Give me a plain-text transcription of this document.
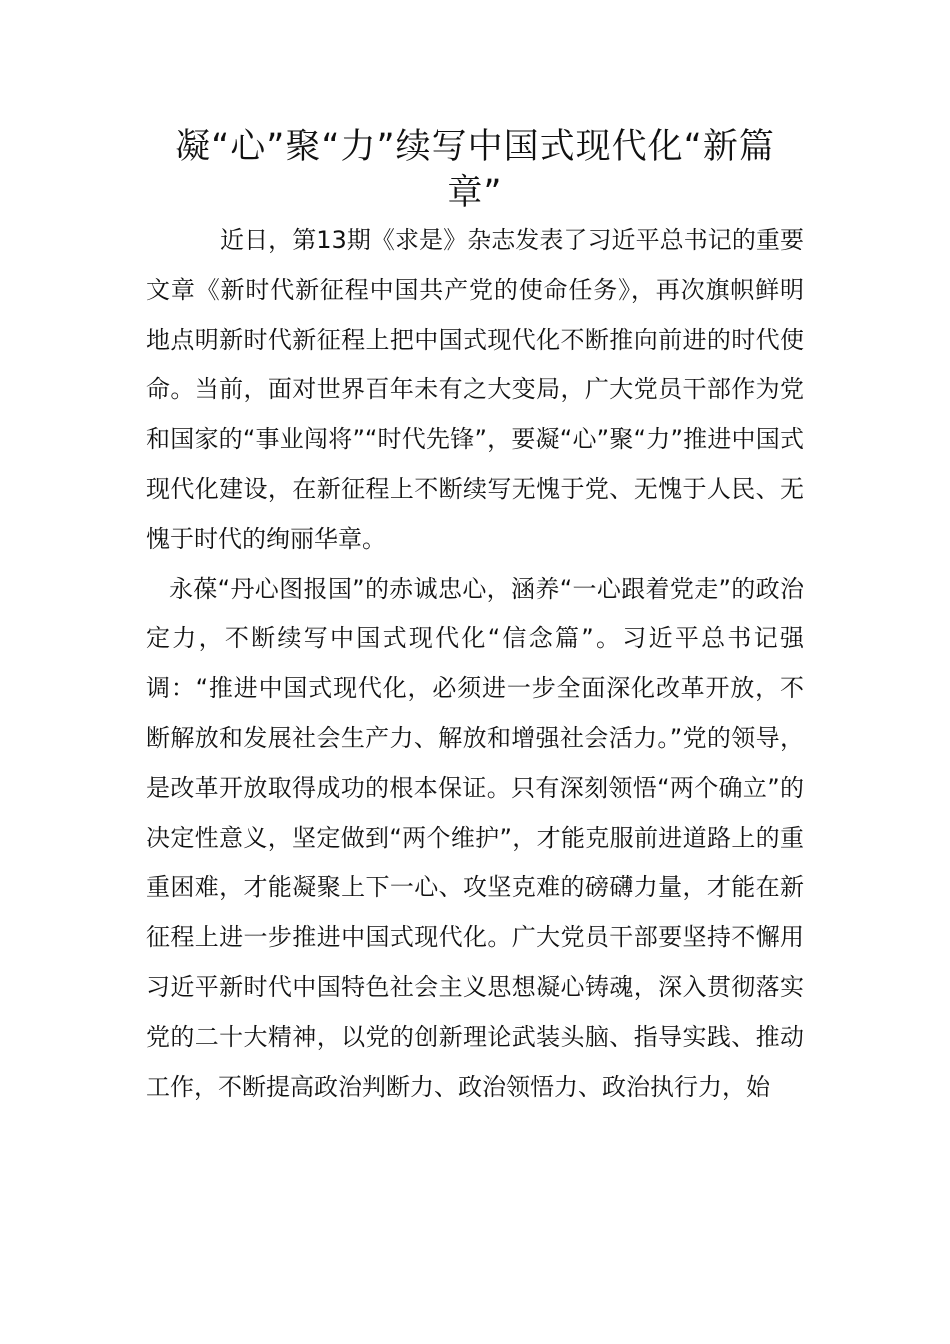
凝“心”聚“力”续写中国式现代化“新篇章”

近日，第13期《求是》杂志发表了习近平总书记的重要文章《新时代新征程中国共产党的使命任务》，再次旗帜鲜明地点明新时代新征程上把中国式现代化不断推向前进的时代使命。当前，面对世界百年未有之大变局，广大党员干部作为党和国家的“事业闯将”“时代先锋”，要凝“心”聚“力”推进中国式现代化建设，在新征程上不断续写无愧于党、无愧于人民、无愧于时代的绚丽华章。

永葆“丹心图报国”的赤诚忠心，涵养“一心跟着党走”的政治定力，不断续写中国式现代化“信念篇”。习近平总书记强调：“推进中国式现代化，必须进一步全面深化改革开放，不断解放和发展社会生产力、解放和增强社会活力。”党的领导，是改革开放取得成功的根本保证。只有深刻领悟“两个确立”的决定性意义，坚定做到“两个维护”，才能克服前进道路上的重重困难，才能凝聚上下一心、攻坚克难的磅礴力量，才能在新征程上进一步推进中国式现代化。广大党员干部要坚持不懈用习近平新时代中国特色社会主义思想凝心铸魂，深入贯彻落实党的二十大精神，以党的创新理论武装头脑、指导实践、推动工作，不断提高政治判断力、政治领悟力、政治执行力，始
